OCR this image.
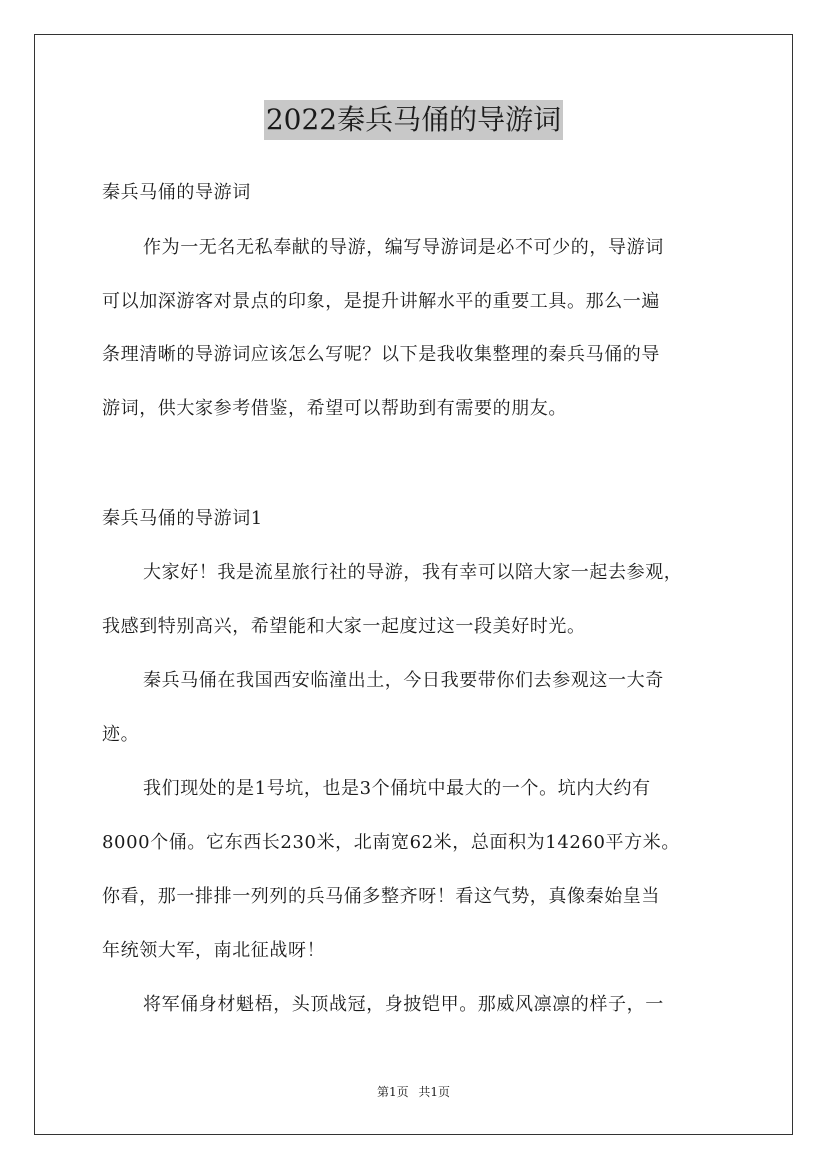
2022秦兵马俑的导游词
秦兵马俑的导游词
作为一无名无私奉献的导游，编写导游词是必不可少的，导游词
可以加深游客对景点的印象，是提升讲解水平的重要工具。那么一遍
条理清晰的导游词应该怎么写呢？以下是我收集整理的秦兵马俑的导
游词，供大家参考借鉴，希望可以帮助到有需要的朋友。
秦兵马俑的导游词1
大家好！我是流星旅行社的导游，我有幸可以陪大家一起去参观，
我感到特别高兴，希望能和大家一起度过这一段美好时光。
秦兵马俑在我国西安临潼出土，今日我要带你们去参观这一大奇
迹。
我们现处的是1号坑，也是3个俑坑中最大的一个。坑内大约有
8000个俑。它东西长230米，北南宽62米，总面积为14260平方米。
你看，那一排排一列列的兵马俑多整齐呀！看这气势，真像秦始皇当
年统领大军，南北征战呀！
将军俑身材魁梧，头顶战冠，身披铠甲。那威风凛凛的样子，一
第1页 共1页
